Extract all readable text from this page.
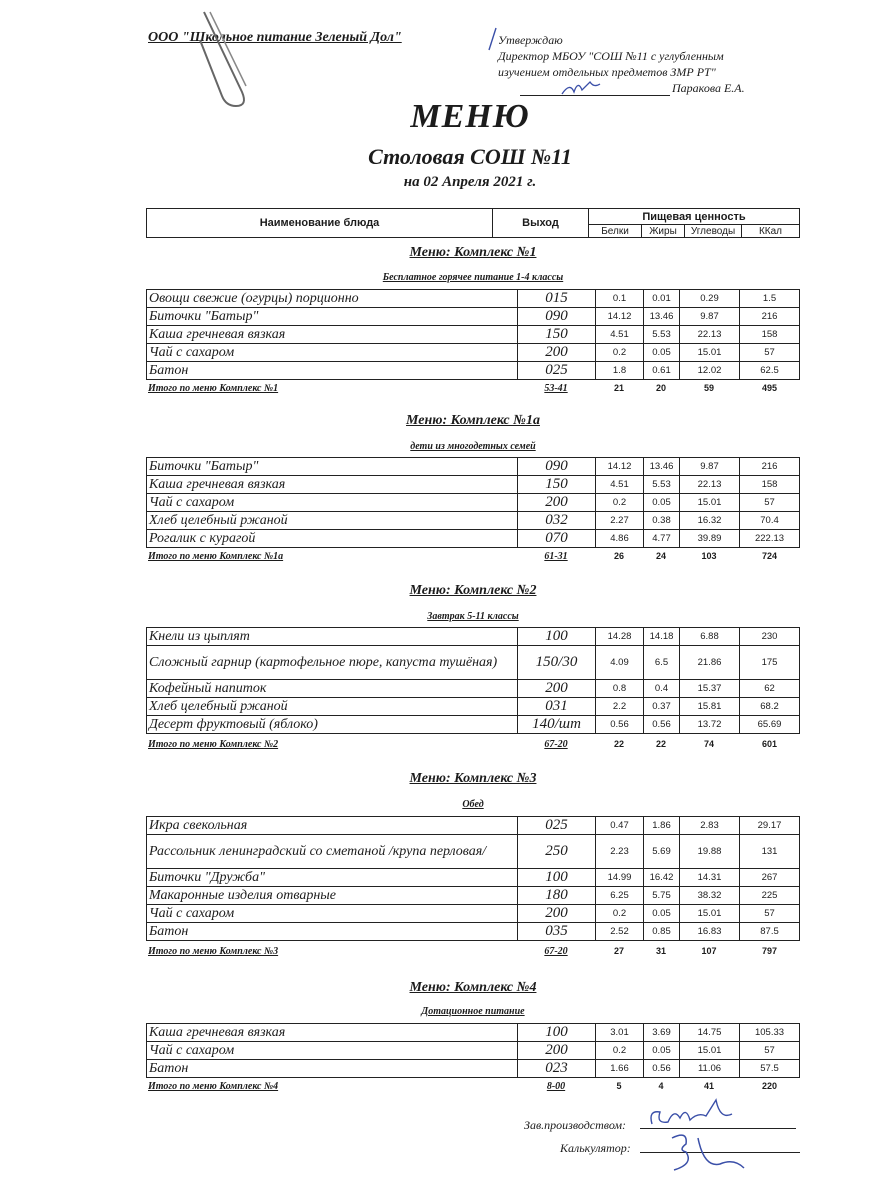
ООО "Школьное питание Зеленый Дол"	Утверждаю
Директор МБОУ "СОШ №11 с углубленным
изучением отдельных предметов ЗМР РТ"
Паракова Е.А.
МЕНЮ
Столовая СОШ №11
на 02 Апреля 2021 г.
Наименование блюда	Выход	Пищевая ценность			
		Белки	Жиры	Углеводы	ККал
Меню: Комплекс №1
Бесплатное горячее питание 1-4 классы
Овощи свежие (огурцы) порционно	015	0.1	0.01	0.29	1.5
Биточки "Батыр"	090	14.12	13.46	9.87	216
Каша гречневая вязкая	150	4.51	5.53	22.13	158
Чай с сахаром	200	0.2	0.05	15.01	57
Батон	025	1.8	0.61	12.02	62.5
Итого по меню Комплекс №1	53-41	21	20	59	495
Меню: Комплекс №1а
дети из многодетных семей
Биточки "Батыр"	090	14.12	13.46	9.87	216
Каша гречневая вязкая	150	4.51	5.53	22.13	158
Чай с сахаром	200	0.2	0.05	15.01	57
Хлеб целебный ржаной	032	2.27	0.38	16.32	70.4
Рогалик с курагой	070	4.86	4.77	39.89	222.13
Итого по меню Комплекс №1а	61-31	26	24	103	724
Меню: Комплекс №2
Завтрак 5-11 классы
Кнели из цыплят	100	14.28	14.18	6.88	230
Сложный гарнир (картофельное пюре, капуста тушёная)	150/30	4.09	6.5	21.86	175
Кофейный напиток	200	0.8	0.4	15.37	62
Хлеб целебный ржаной	031	2.2	0.37	15.81	68.2
Десерт фруктовый (яблоко)	140/шт	0.56	0.56	13.72	65.69
Итого по меню Комплекс №2	67-20	22	22	74	601
Меню: Комплекс №3
Обед
Икра свекольная	025	0.47	1.86	2.83	29.17
Рассольник ленинградский со сметаной /крупа перловая/	250	2.23	5.69	19.88	131
Биточки "Дружба"	100	14.99	16.42	14.31	267
Макаронные изделия отварные	180	6.25	5.75	38.32	225
Чай с сахаром	200	0.2	0.05	15.01	57
Батон	035	2.52	0.85	16.83	87.5
Итого по меню Комплекс №3	67-20	27	31	107	797
Меню: Комплекс №4
Дотационное питание
Каша гречневая вязкая	100	3.01	3.69	14.75	105.33
Чай с сахаром	200	0.2	0.05	15.01	57
Батон	023	1.66	0.56	11.06	57.5
Итого по меню Комплекс №4	8-00	5	4	41	220
Зав.производством:
Калькулятор:
